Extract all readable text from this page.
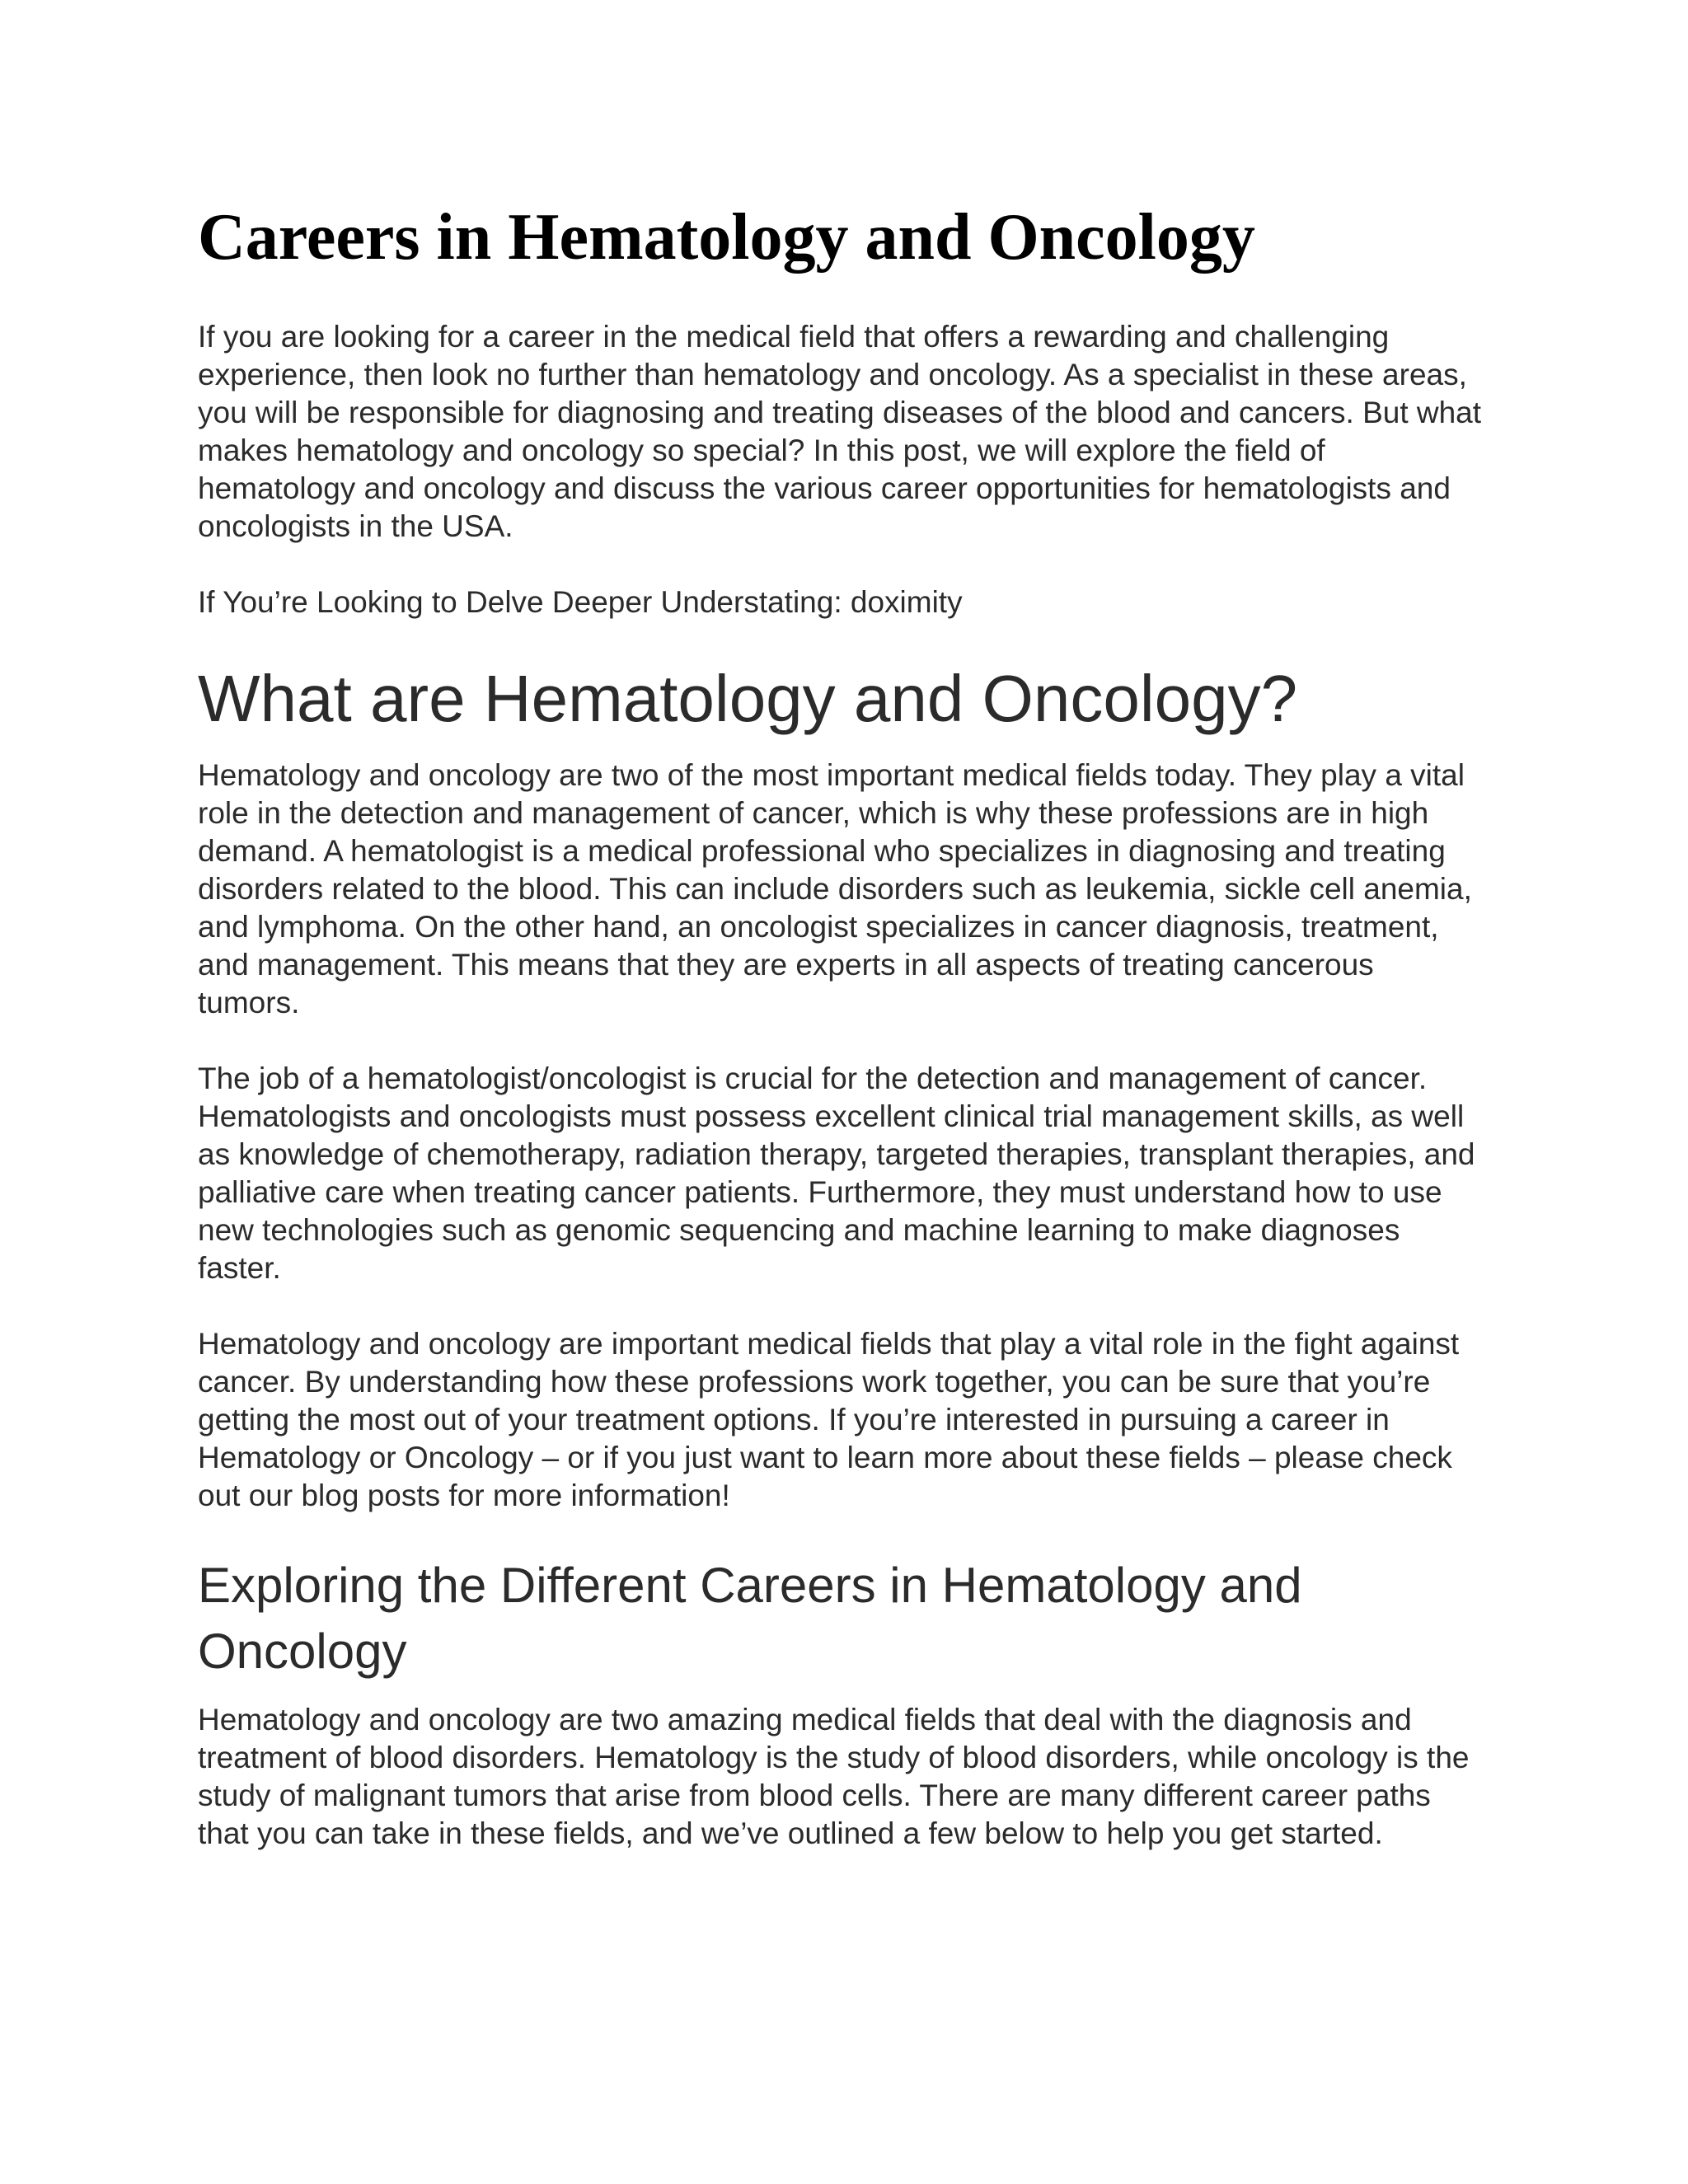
Careers in Hematology and Oncology

If you are looking for a career in the medical field that offers a rewarding and challenging experience, then look no further than hematology and oncology. As a specialist in these areas, you will be responsible for diagnosing and treating diseases of the blood and cancers. But what makes hematology and oncology so special? In this post, we will explore the field of hematology and oncology and discuss the various career opportunities for hematologists and oncologists in the USA.

If You’re Looking to Delve Deeper Understating: doximity

What are Hematology and Oncology?

Hematology and oncology are two of the most important medical fields today. They play a vital role in the detection and management of cancer, which is why these professions are in high demand. A hematologist is a medical professional who specializes in diagnosing and treating disorders related to the blood. This can include disorders such as leukemia, sickle cell anemia, and lymphoma. On the other hand, an oncologist specializes in cancer diagnosis, treatment, and management. This means that they are experts in all aspects of treating cancerous tumors.

The job of a hematologist/oncologist is crucial for the detection and management of cancer. Hematologists and oncologists must possess excellent clinical trial management skills, as well as knowledge of chemotherapy, radiation therapy, targeted therapies, transplant therapies, and palliative care when treating cancer patients. Furthermore, they must understand how to use new technologies such as genomic sequencing and machine learning to make diagnoses faster.

Hematology and oncology are important medical fields that play a vital role in the fight against cancer. By understanding how these professions work together, you can be sure that you’re getting the most out of your treatment options. If you’re interested in pursuing a career in Hematology or Oncology – or if you just want to learn more about these fields – please check out our blog posts for more information!

Exploring the Different Careers in Hematology and Oncology

Hematology and oncology are two amazing medical fields that deal with the diagnosis and treatment of blood disorders. Hematology is the study of blood disorders, while oncology is the study of malignant tumors that arise from blood cells. There are many different career paths that you can take in these fields, and we’ve outlined a few below to help you get started.
